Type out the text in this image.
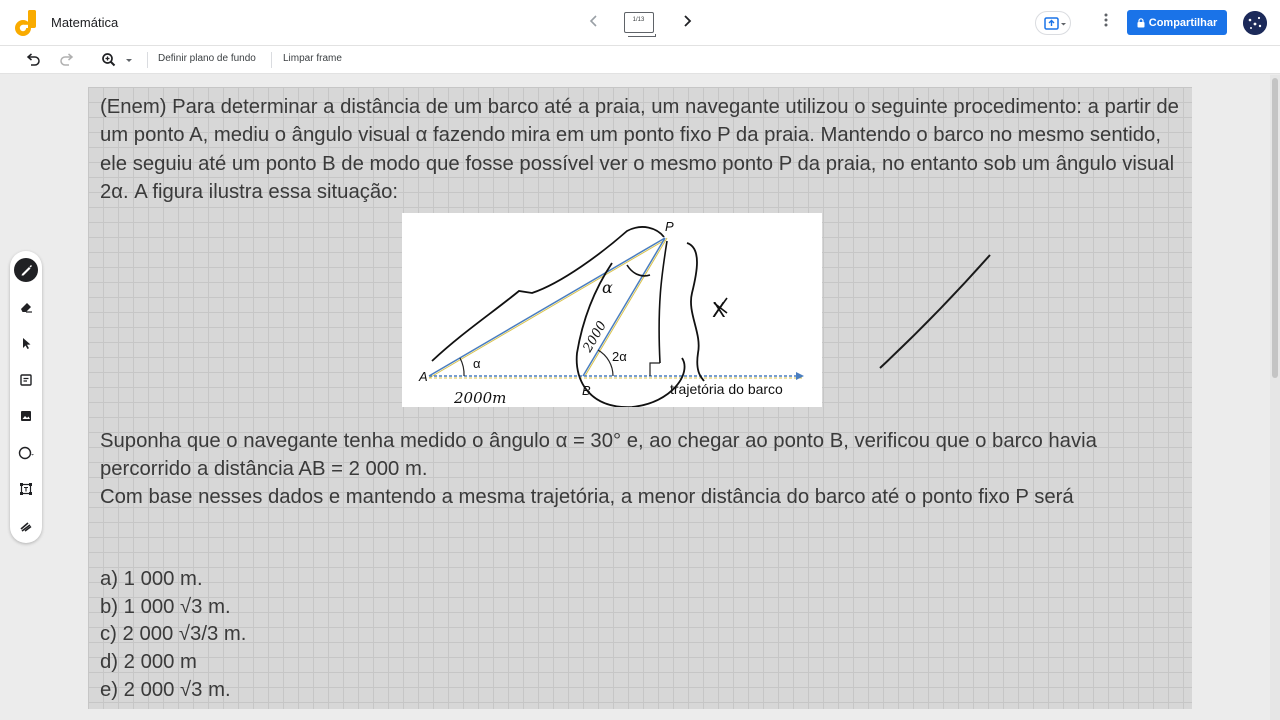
Matemática	1/13	Compartilhar
Definir plano de fundo	Limpar frame
(Enem) Para determinar a distância de um barco até a praia, um navegante utilizou o seguinte procedimento: a partir de um ponto A, mediu o ângulo visual α fazendo mira em um ponto fixo P da praia. Mantendo o barco no mesmo sentido, ele seguiu até um ponto B de modo que fosse possível ver o mesmo ponto P da praia, no entanto sob um ângulo visual 2α. A figura ilustra essa situação:
A
B
P
α	2α
trajetória do barco
2000m
2000
X
α
Suponha que o navegante tenha medido o ângulo α = 30° e, ao chegar ao ponto B, verificou que o barco havia percorrido a distância AB = 2 000 m.
Com base nesses dados e mantendo a mesma trajetória, a menor distância do barco até o ponto fixo P será
a) 1 000 m.
b) 1 000 √3 m.
c) 2 000 √3/3 m.
d) 2 000 m
e) 2 000 √3 m.
